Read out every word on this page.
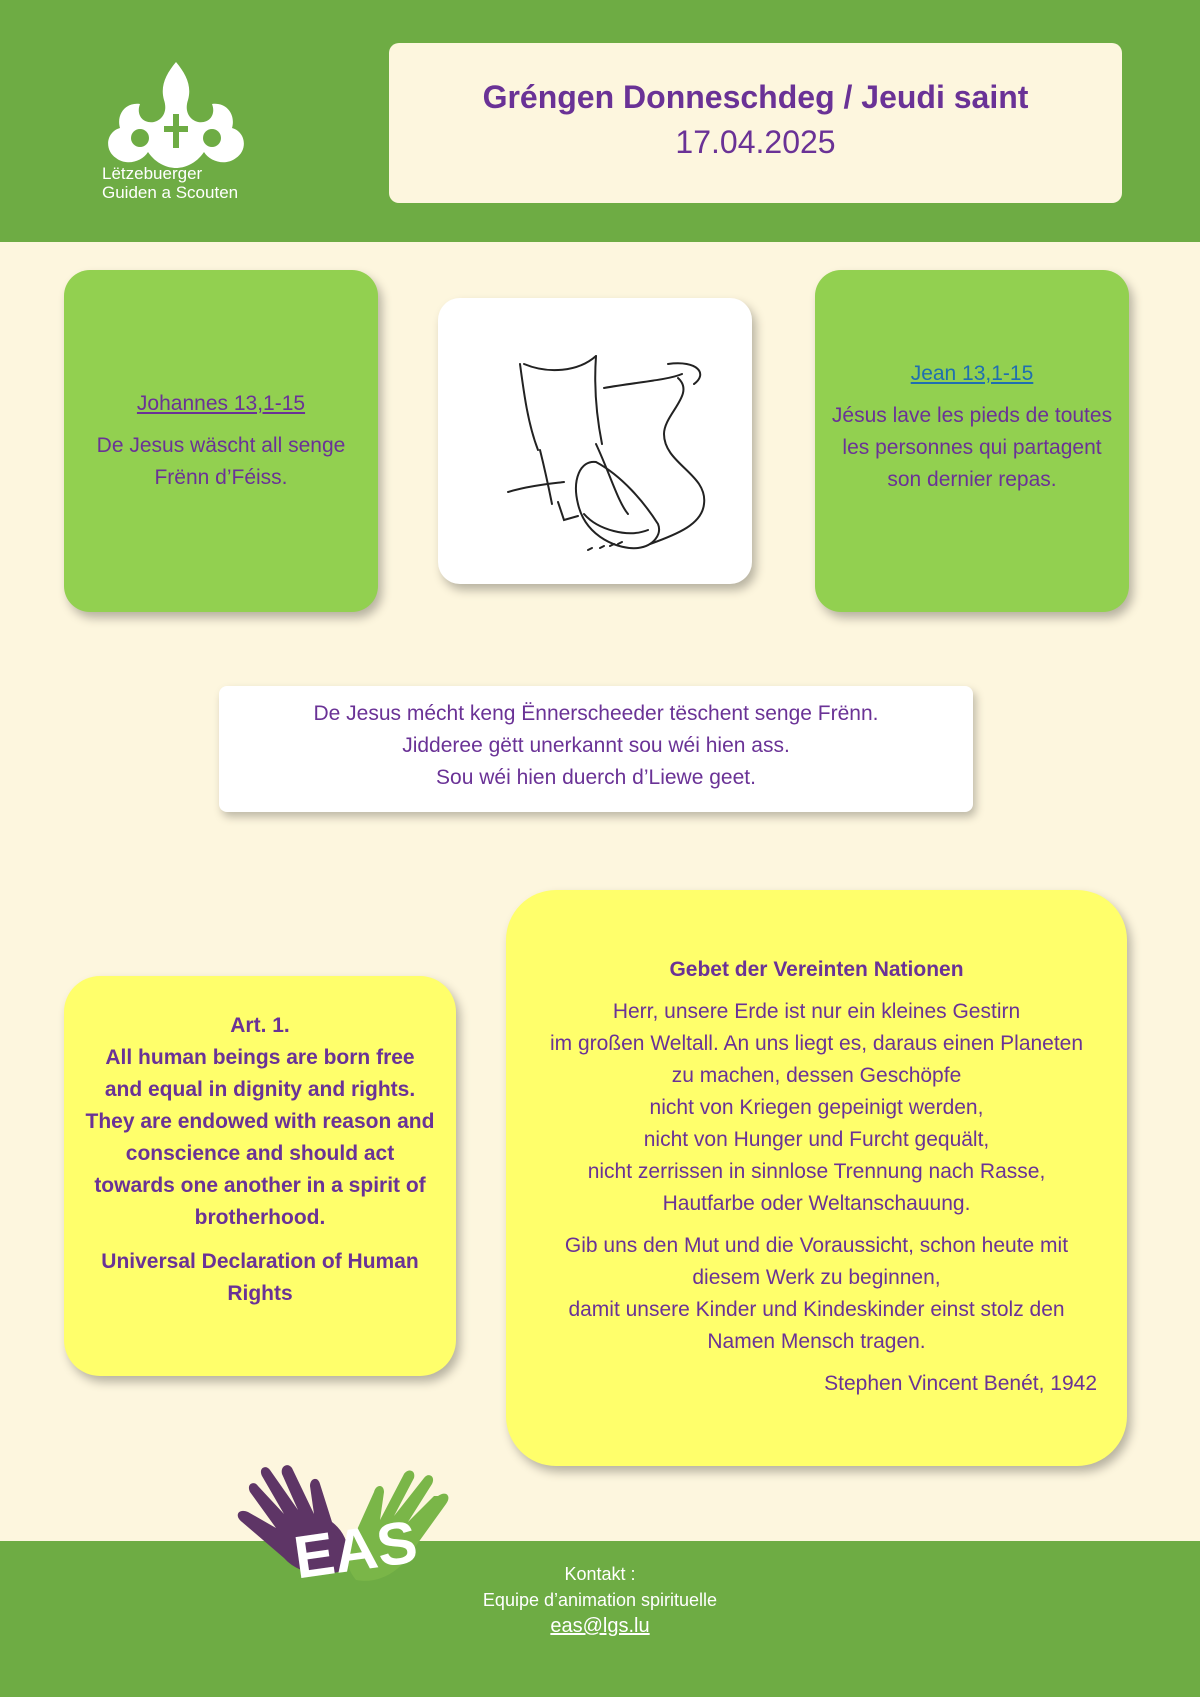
Lëtzebuerger
Guiden a Scouten
Gréngen Donneschdeg / Jeudi saint
17.04.2025
Johannes 13,1-15
De Jesus wäscht all senge Frënn d’Féiss.
Jean 13,1-15
Jésus lave les pieds de toutes les personnes qui partagent son dernier repas.
De Jesus mécht keng Ënnerscheeder tëschent senge Frënn.
Jidderee gëtt unerkannt sou wéi hien ass.
Sou wéi hien duerch d’Liewe geet.
Art. 1.
All human beings are born free and equal in dignity and rights. They are endowed with reason and conscience and should act towards one another in a spirit of brotherhood.
Universal Declaration of Human Rights
Gebet der Vereinten Nationen
Herr, unsere Erde ist nur ein kleines Gestirn
im großen Weltall. An uns liegt es, daraus einen Planeten
zu machen, dessen Geschöpfe
nicht von Kriegen gepeinigt werden,
nicht von Hunger und Furcht gequält,
nicht zerrissen in sinnlose Trennung nach Rasse,
Hautfarbe oder Weltanschauung.
Gib uns den Mut und die Voraussicht, schon heute mit
diesem Werk zu beginnen,
damit unsere Kinder und Kindeskinder einst stolz den
Namen Mensch tragen.
Stephen Vincent Benét, 1942
Kontakt :
Equipe d’animation spirituelle
eas@lgs.lu
EAS
